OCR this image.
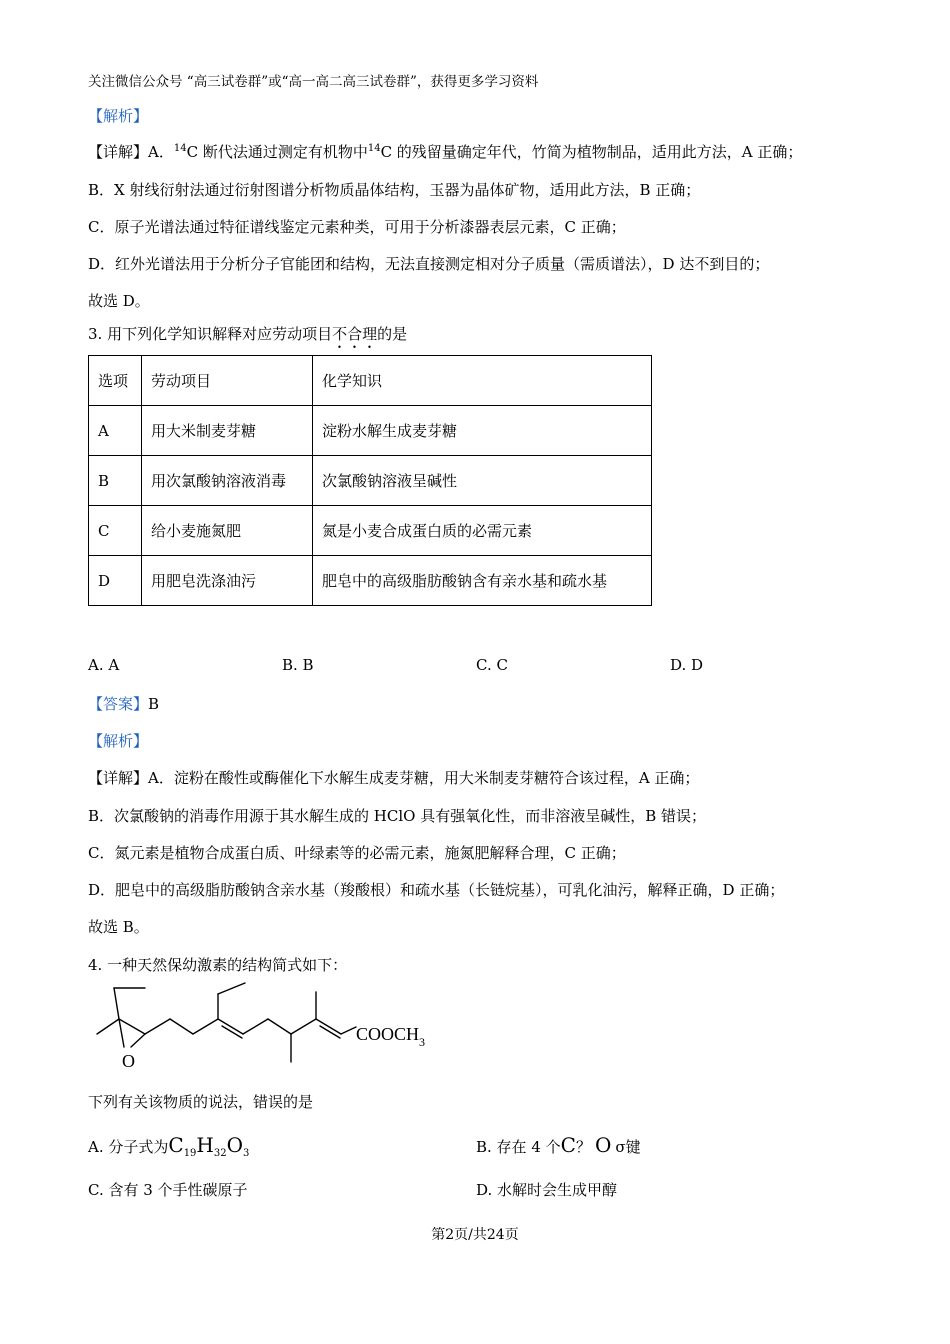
关注微信公众号 “高三试卷群”或“高一高二高三试卷群”，获得更多学习资料
【解析】
【详解】A．$^{14}$C 断代法通过测定有机物中$^{14}$C 的残留量确定年代，竹简为植物制品，适用此方法，A 正确；
B．X 射线衍射法通过衍射图谱分析物质晶体结构，玉器为晶体矿物，适用此方法，B 正确；
C．原子光谱法通过特征谱线鉴定元素种类，可用于分析漆器表层元素，C 正确；
D．红外光谱法用于分析分子官能团和结构，无法直接测定相对分子质量（需质谱法），D 达不到目的；
故选 D。
3. 用下列化学知识解释对应劳动项目不合理的是
选项	劳动项目	化学知识
A	用大米制麦芽糖	淀粉水解生成麦芽糖
B	用次氯酸钠溶液消毒	次氯酸钠溶液呈碱性
C	给小麦施氮肥	氮是小麦合成蛋白质的必需元素
D	用肥皂洗涤油污	肥皂中的高级脂肪酸钠含有亲水基和疏水基
A. A	B. B	C. C	D. D
【答案】B
【解析】
【详解】A．淀粉在酸性或酶催化下水解生成麦芽糖，用大米制麦芽糖符合该过程，A 正确；
B．次氯酸钠的消毒作用源于其水解生成的 HClO 具有强氧化性，而非溶液呈碱性，B 错误；
C．氮元素是植物合成蛋白质、叶绿素等的必需元素，施氮肥解释合理，C 正确；
D．肥皂中的高级脂肪酸钠含亲水基（羧酸根）和疏水基（长链烷基），可乳化油污，解释正确，D 正确；
故选 B。
4. 一种天然保幼激素的结构简式如下：
O
$COOCH_3$
下列有关该物质的说法，错误的是
A. 分子式为$C_{19}H_{32}O_3$	B. 存在 4 个C？ O σ键
C. 含有 3 个手性碳原子	D. 水解时会生成甲醇
第2页/共24页
